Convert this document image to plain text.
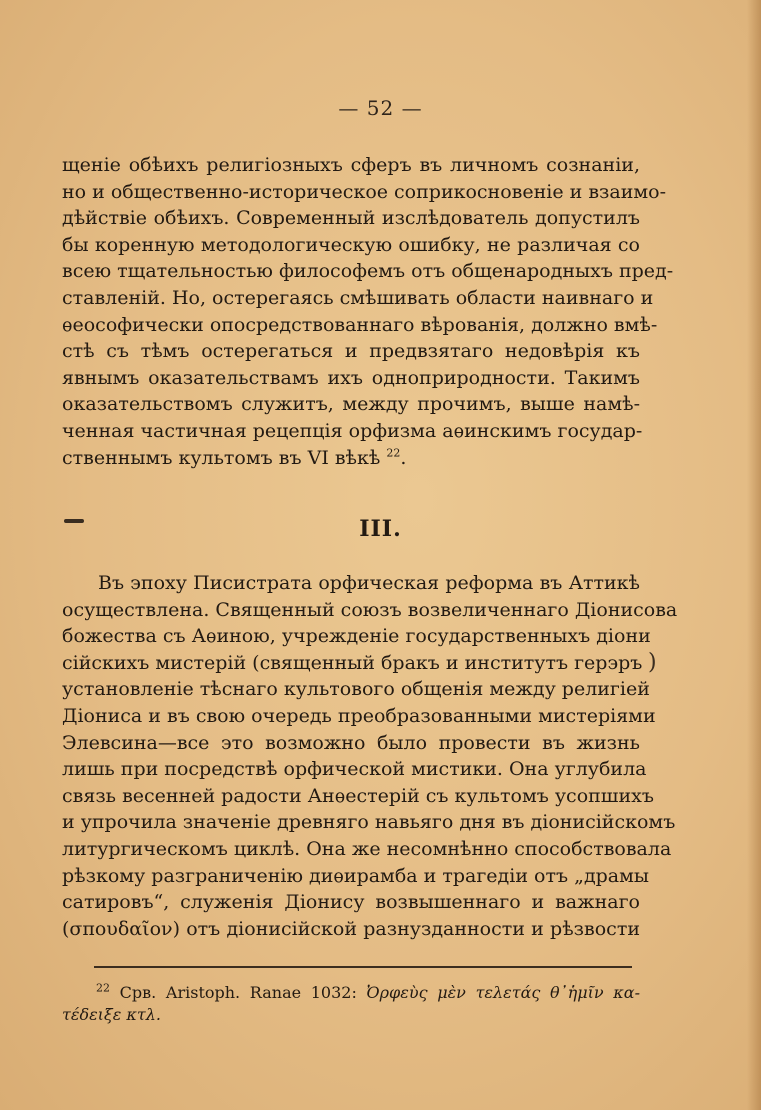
— 52 —
щеніе обѣихъ религіозныхъ сферъ въ личномъ сознаніи,
но и общественно-историческое соприкосновеніе и взаимо-
дѣйствіе обѣихъ. Современный изслѣдователь допустилъ
бы коренную методологическую ошибку, не различая со
всею тщательностью философемъ отъ общенародныхъ пред-
ставленій. Но, остерегаясь смѣшивать области наивнаго и
ѳеософически опосредствованнаго вѣрованія, должно вмѣ-
стѣ съ тѣмъ остерегаться и предвзятаго недовѣрія къ
явнымъ оказательствамъ ихъ одноприродности. Такимъ
оказательствомъ служитъ, между прочимъ, выше намѣ-
ченная частичная рецепція орфизма аѳинскимъ государ-
ственнымъ культомъ въ VI вѣкѣ $^{22}$.
III.
Въ эпоху Писистрата орфическая реформа въ Аттикѣ
осуществлена. Священный союзъ возвеличеннаго Діонисова
божества съ Аѳиною, учрежденіе государственныхъ діони
сійскихъ мистерій (священный бракъ и институтъ герэръ
установленіе тѣснаго культового общенія между религіей
Діониса и въ свою очередь преобразованными мистеріями
Элевсина—все это возможно было провести въ жизнь
лишь при посредствѣ орфической мистики. Она углубила
связь весенней радости Анѳестерій съ культомъ усопшихъ
и упрочила значеніе древняго навьяго дня въ діонисійскомъ
литургическомъ циклѣ. Она же несомнѣнно способствовала
рѣзкому разграниченію диѳирамба и трагедіи отъ „драмы
сатировъ“, служенія Діонису возвышеннаго и важнаго
(σπουδαῖον) отъ діонисійской разнузданности и рѣзвости
)
$^{22}$ Срв. Aristoph. Ranae 1032: Ὀρφεὺς μὲν τελετάς θ᾽ἡμῖν κα-
τέδειξε κτλ.
